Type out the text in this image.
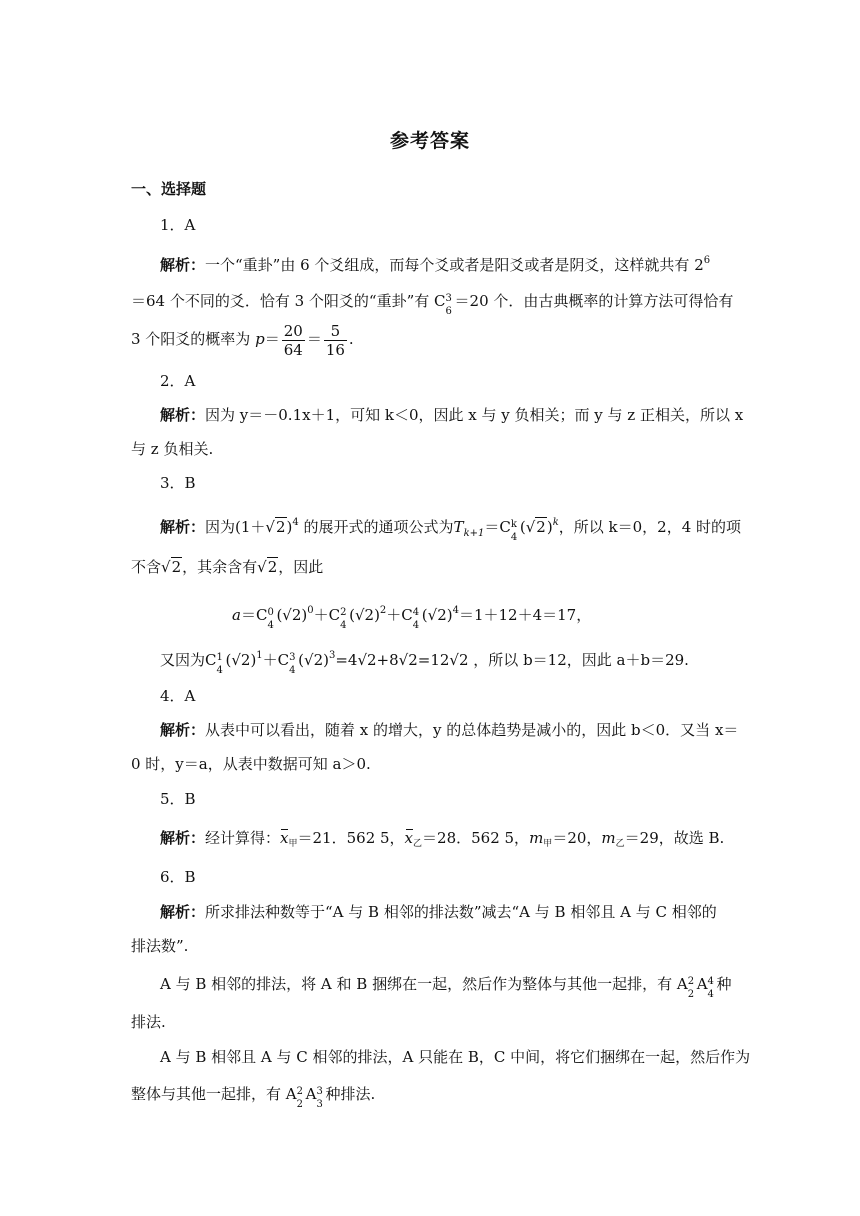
参考答案
一、选择题
1．A
解析：一个“重卦”由 6 个爻组成，而每个爻或者是阳爻或者是阴爻，这样就共有 $2^6$
＝64 个不同的爻．恰有 3 个阳爻的“重卦”有 C 3
6
＝20 个．由古典概率的计算方法可得恰有
3 个阳爻的概率为 $p= \frac{20}{64} = \frac{5}{16}$ .
2．A
解析：因为 y＝－0.1x＋1，可知 k＜0，因此 x 与 y 负相关；而 y 与 z 正相关，所以 x
与 z 负相关.
3．B
解析：因为$(1+√2)^4$ 的展开式的通项公式为$T_{k+1}=C$ k
4
$(√2)^k$，所以 k＝0，2，4 时的项
不含√2，其余含有√2，因此
a＝C 0
4
$(√2)^0+C$ 2
4
$(√2)^2+C$ 4
4
$(√2)^4=1+12+4=17$，
又因为C 1
4
$(√2)^1+C$ 3
4
$(√2)^3=4√2+8√2=12√2$ ，所以 b＝12，因此 a＋b＝29.
4．A
解析：从表中可以看出，随着 x 的增大，y 的总体趋势是减小的，因此 b＜0．又当 x＝
0 时，y＝a，从表中数据可知 a＞0.
5．B
解析：经计算得：$x_甲=21$．562 5，$x_乙=28$．562 5，$m_甲=20$，$m_乙=29$，故选 B.
6．B
解析：所求排法种数等于“A 与 B 相邻的排法数”减去“A 与 B 相邻且 A 与 C 相邻的
排法数”.
A 与 B 相邻的排法，将 A 和 B 捆绑在一起，然后作为整体与其他一起排，有 A 2
2
A 4
4
种
排法.
A 与 B 相邻且 A 与 C 相邻的排法，A 只能在 B，C 中间，将它们捆绑在一起，然后作为
整体与其他一起排，有 A 2
2
A 3
3
种排法.
